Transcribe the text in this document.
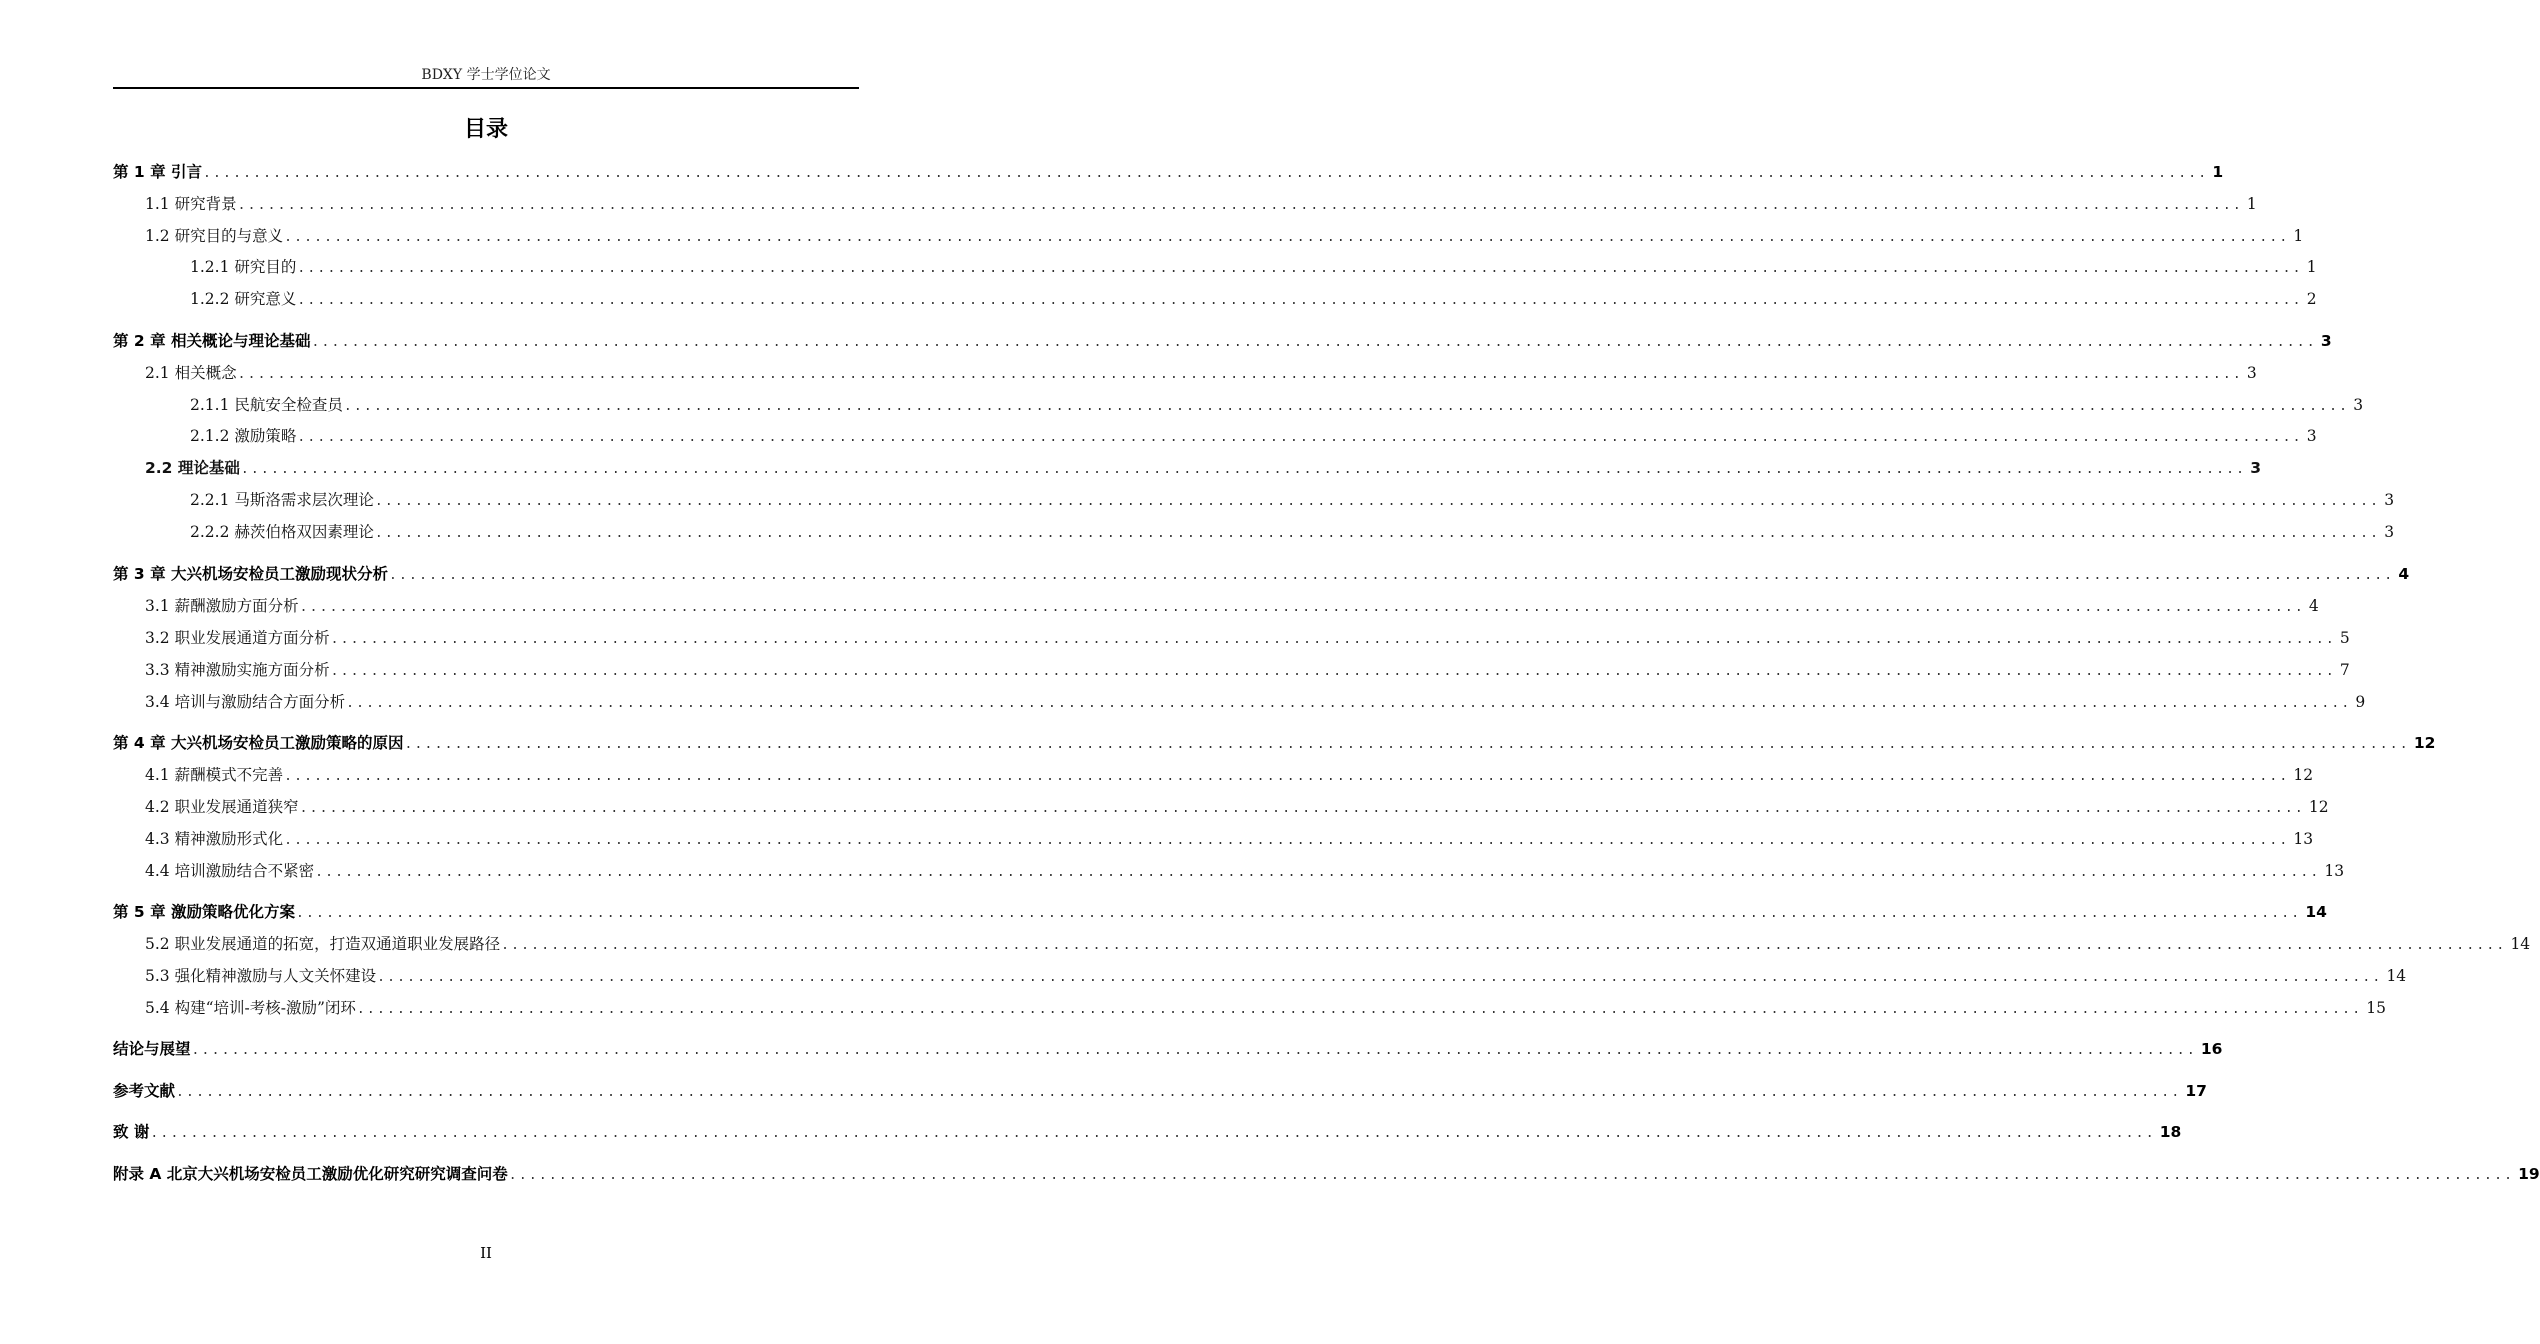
BDXY 学士学位论文
目录
第 1 章 引言 ........................................................................................................................................................................................................ 1
1.1 研究背景 ........................................................................................................................................................................................................ 1
1.2 研究目的与意义 ........................................................................................................................................................................................................ 1
1.2.1 研究目的 ........................................................................................................................................................................................................ 1
1.2.2 研究意义 ........................................................................................................................................................................................................ 2
第 2 章 相关概论与理论基础 ........................................................................................................................................................................................................ 3
2.1 相关概念 ........................................................................................................................................................................................................ 3
2.1.1 民航安全检查员 ........................................................................................................................................................................................................ 3
2.1.2 激励策略 ........................................................................................................................................................................................................ 3
2.2 理论基础 ........................................................................................................................................................................................................ 3
2.2.1 马斯洛需求层次理论 ........................................................................................................................................................................................................ 3
2.2.2 赫茨伯格双因素理论 ........................................................................................................................................................................................................ 3
第 3 章 大兴机场安检员工激励现状分析 ........................................................................................................................................................................................................ 4
3.1 薪酬激励方面分析 ........................................................................................................................................................................................................ 4
3.2 职业发展通道方面分析 ........................................................................................................................................................................................................ 5
3.3 精神激励实施方面分析 ........................................................................................................................................................................................................ 7
3.4 培训与激励结合方面分析 ........................................................................................................................................................................................................ 9
第 4 章 大兴机场安检员工激励策略的原因 ........................................................................................................................................................................................................ 12
4.1 薪酬模式不完善 ........................................................................................................................................................................................................ 12
4.2 职业发展通道狭窄 ........................................................................................................................................................................................................ 12
4.3 精神激励形式化 ........................................................................................................................................................................................................ 13
4.4 培训激励结合不紧密 ........................................................................................................................................................................................................ 13
第 5 章 激励策略优化方案 ........................................................................................................................................................................................................ 14
5.2 职业发展通道的拓宽，打造双通道职业发展路径 ........................................................................................................................................................................................................ 14
5.3 强化精神激励与人文关怀建设 ........................................................................................................................................................................................................ 14
5.4 构建“培训-考核-激励”闭环 ........................................................................................................................................................................................................ 15
结论与展望 ........................................................................................................................................................................................................ 16
参考文献 ........................................................................................................................................................................................................ 17
致 谢 ........................................................................................................................................................................................................ 18
附录 A 北京大兴机场安检员工激励优化研究研究调查问卷 ........................................................................................................................................................................................................ 19
II
